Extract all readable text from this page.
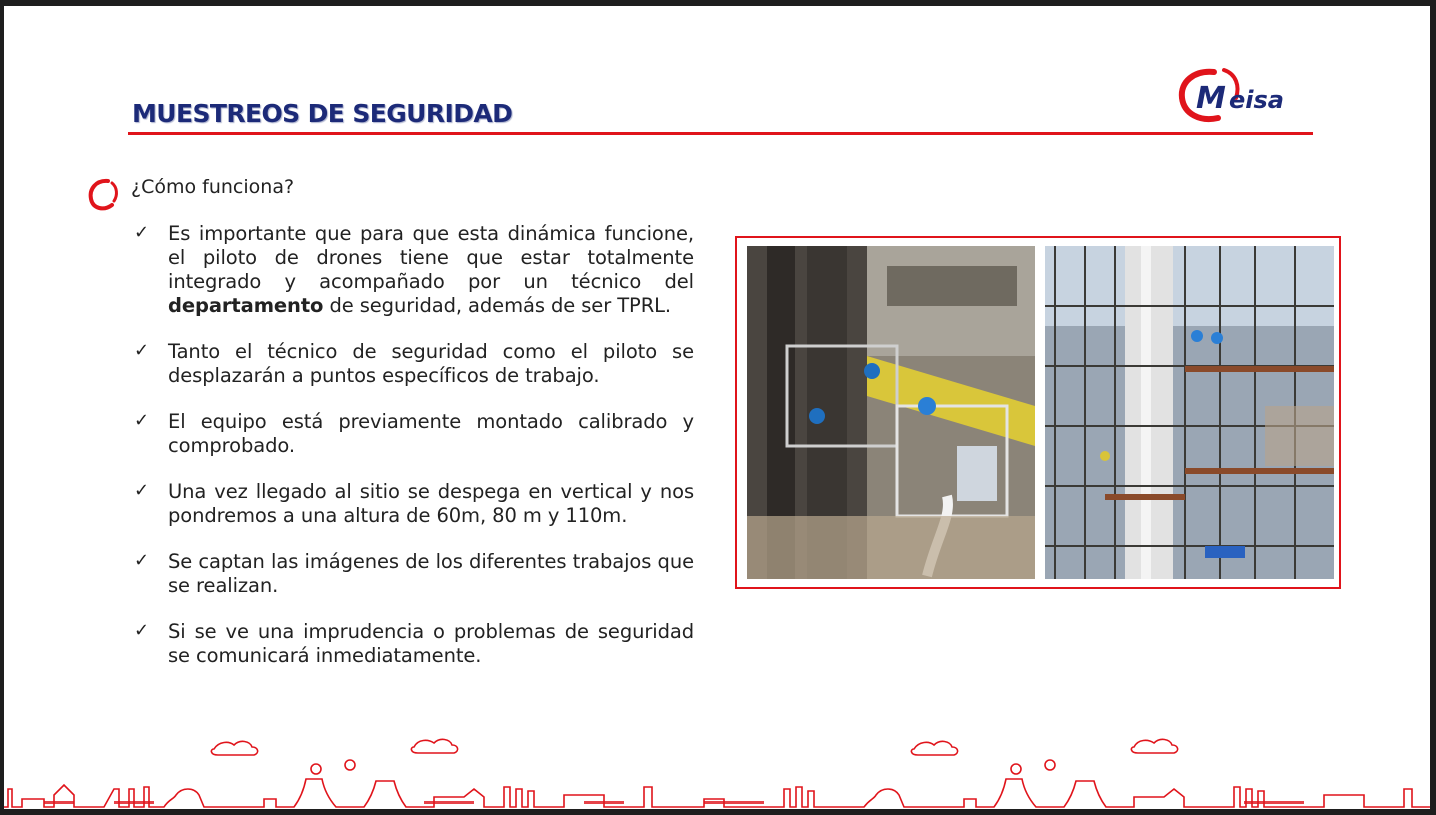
MUESTREOS DE SEGURIDAD	M eisa
¿Cómo funciona?
✓ Es importante que para que esta dinámica funcione, el piloto de drones tiene que estar totalmente integrado y acompañado por un técnico del departamento de seguridad, además de ser TPRL.
✓ Tanto el técnico de seguridad como el piloto se desplazarán a puntos específicos de trabajo.
✓ El equipo está previamente montado calibrado y comprobado.
✓ Una vez llegado al sitio se despega en vertical y nos pondremos a una altura de 60m, 80 m y 110m.
✓ Se captan las imágenes de los diferentes trabajos que se realizan.
✓ Si se ve una imprudencia o problemas de seguridad se comunicará inmediatamente.
